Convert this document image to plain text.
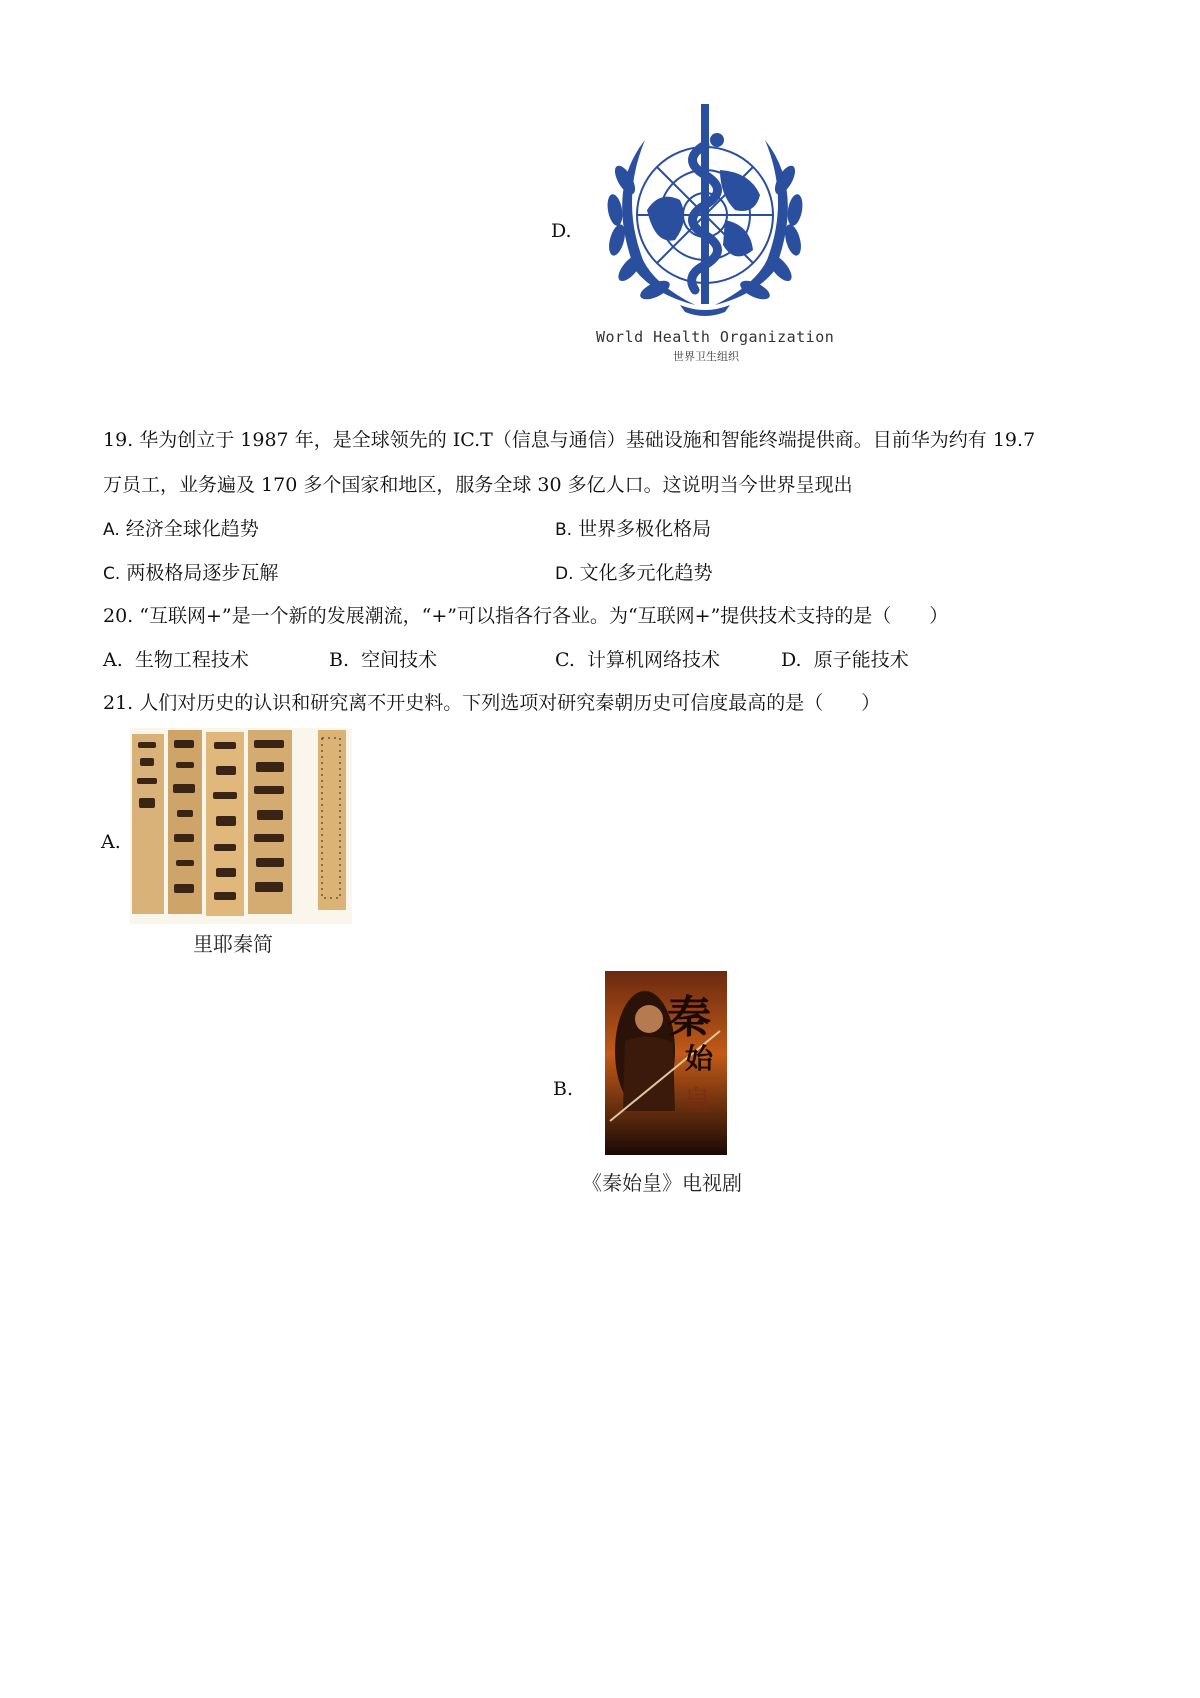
D.
World Health Organization
世界卫生组织
19. 华为创立于 1987 年，是全球领先的 IC.T（信息与通信）基础设施和智能终端提供商。目前华为约有 19.7
万员工，业务遍及 170 多个国家和地区，服务全球 30 多亿人口。这说明当今世界呈现出
A. 经济全球化趋势	B. 世界多极化格局
C. 两极格局逐步瓦解	D. 文化多元化趋势
20. “互联网+”是一个新的发展潮流，“+”可以指各行各业。为“互联网+”提供技术支持的是（　　）
A. 生物工程技术	B. 空间技术	C. 计算机网络技术	D. 原子能技术
21. 人们对历史的认识和研究离不开史料。下列选项对研究秦朝历史可信度最高的是（　　）
A.
里耶秦简
B.
秦
始
皇
《秦始皇》电视剧
